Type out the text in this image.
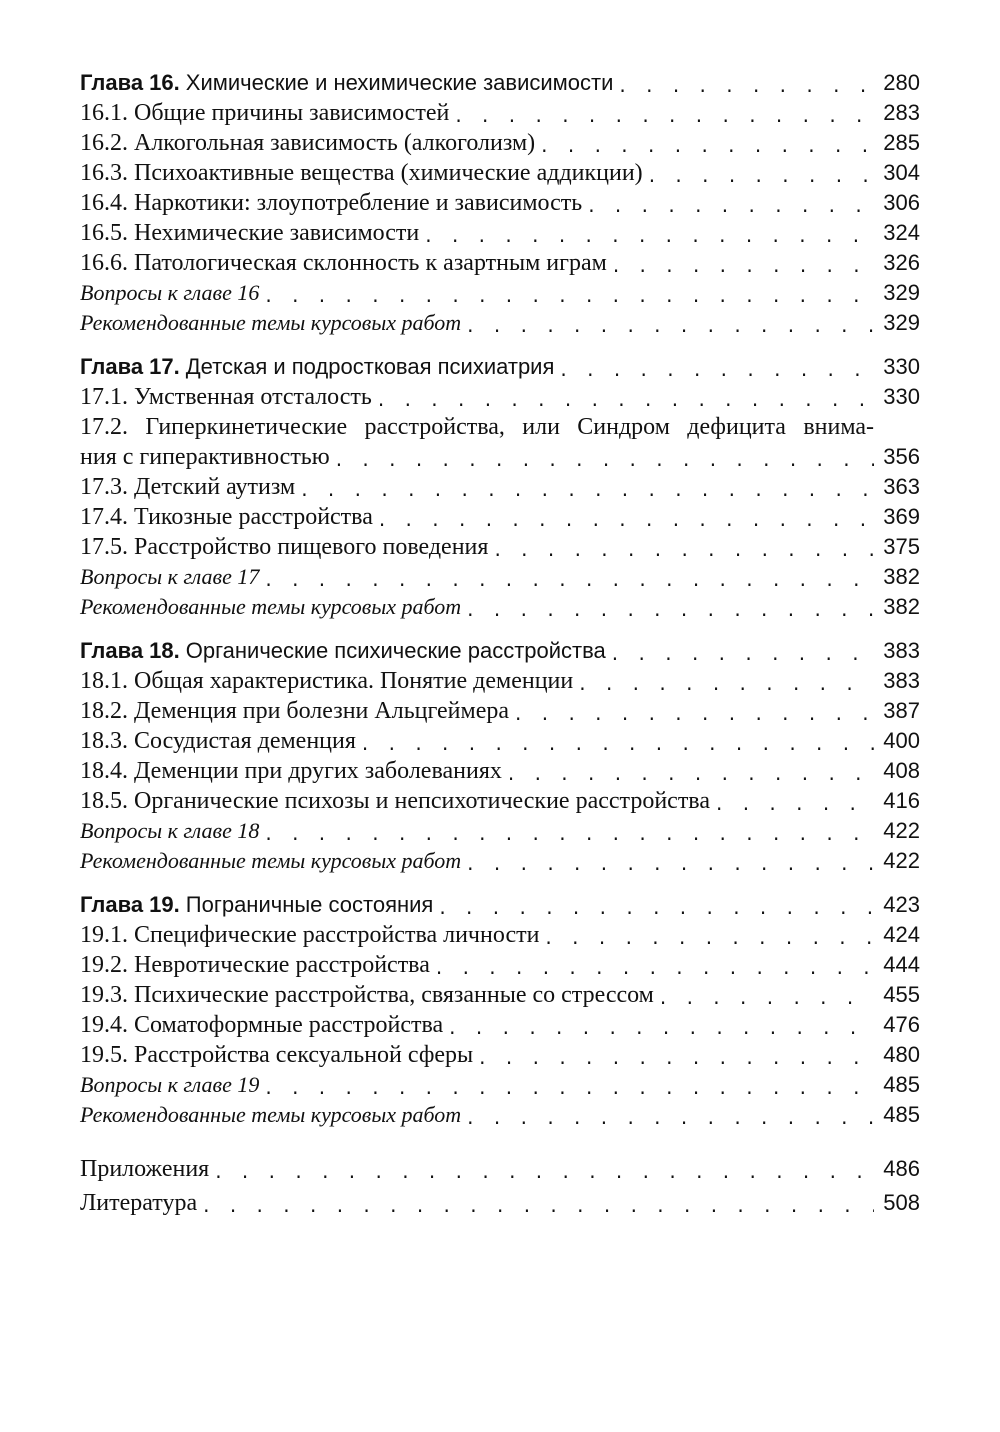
Глава 16. Химические и нехимические зависимости . . .	280
16.1. Общие причины зависимостей . . .	283
16.2. Алкогольная зависимость (алкоголизм) . . .	285
16.3. Психоактивные вещества (химические аддикции) . . .	304
16.4. Наркотики: злоупотребление и зависимость . . .	306
16.5. Нехимические зависимости . . .	324
16.6. Патологическая склонность к азартным играм . . .	326
Вопросы к главе 16 . . .	329
Рекомендованные темы курсовых работ . . .	329
Глава 17. Детская и подростковая психиатрия . . .	330
17.1. Умственная отсталость . . .	330
17.2. Гиперкинетические расстройства, или Синдром дефицита внима-
ния с гиперактивностью . . .	356
17.3. Детский аутизм . . .	363
17.4. Тикозные расстройства . . .	369
17.5. Расстройство пищевого поведения . . .	375
Вопросы к главе 17 . . .	382
Рекомендованные темы курсовых работ . . .	382
Глава 18. Органические психические расстройства . . .	383
18.1. Общая характеристика. Понятие деменции . . .	383
18.2. Деменция при болезни Альцгеймера . . .	387
18.3. Сосудистая деменция . . .	400
18.4. Деменции при других заболеваниях . . .	408
18.5. Органические психозы и непсихотические расстройства . . .	416
Вопросы к главе 18 . . .	422
Рекомендованные темы курсовых работ . . .	422
Глава 19. Пограничные состояния . . .	423
19.1. Специфические расстройства личности . . .	424
19.2. Невротические расстройства . . .	444
19.3. Психические расстройства, связанные со стрессом . . .	455
19.4. Соматоформные расстройства . . .	476
19.5. Расстройства сексуальной сферы . . .	480
Вопросы к главе 19 . . .	485
Рекомендованные темы курсовых работ . . .	485
Приложения . . .	486
Литература . . .	508
